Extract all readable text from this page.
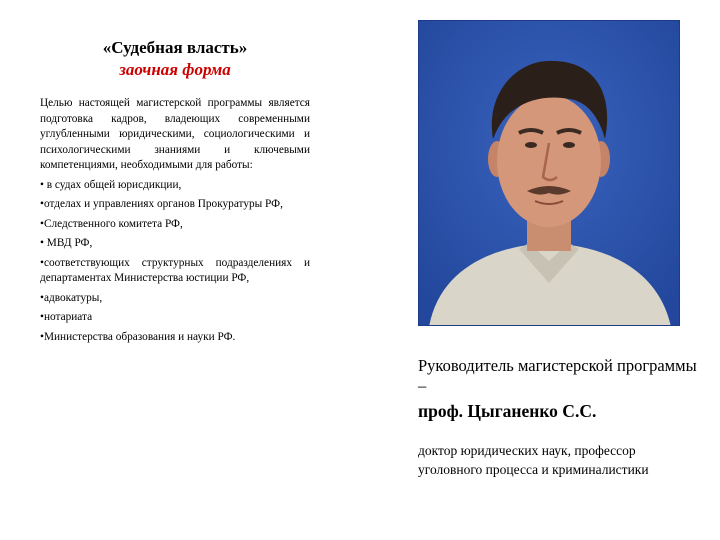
«Судебная власть»
заочная форма

Целью настоящей магистерской программы является подготовка кадров, владеющих современными углубленными юридическими, социологическими и психологическими знаниями и ключевыми компетенциями, необходимыми для работы:

• в судах общей юрисдикции,
•отделах и управлениях органов Прокуратуры РФ,
•Следственного комитета РФ,
• МВД РФ,
•соответствующих структурных подразделениях и департаментах Министерства юстиции РФ,
•адвокатуры,
•нотариата
•Министерства образования и науки РФ.
Руководитель магистерской программы –
проф. Цыганенко С.С.
доктор юридических наук, профессор уголовного процесса и криминалистики
